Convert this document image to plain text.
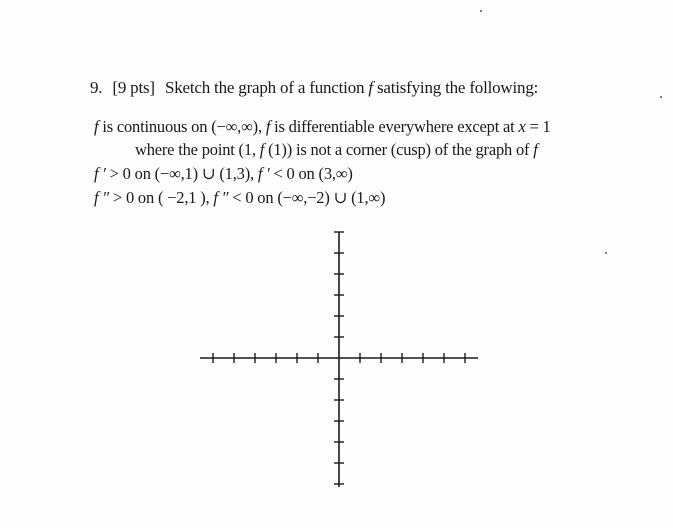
9. [9 pts] Sketch the graph of a function f satisfying the following:
f is continuous on (−∞,∞), f is differentiable everywhere except at x = 1
where the point (1, f (1)) is not a corner (cusp) of the graph of f
f ′ > 0 on (−∞,1) ∪ (1,3), f ′ < 0 on (3,∞)
f ″ > 0 on ( −2,1 ), f ″ < 0 on (−∞,−2) ∪ (1,∞)
